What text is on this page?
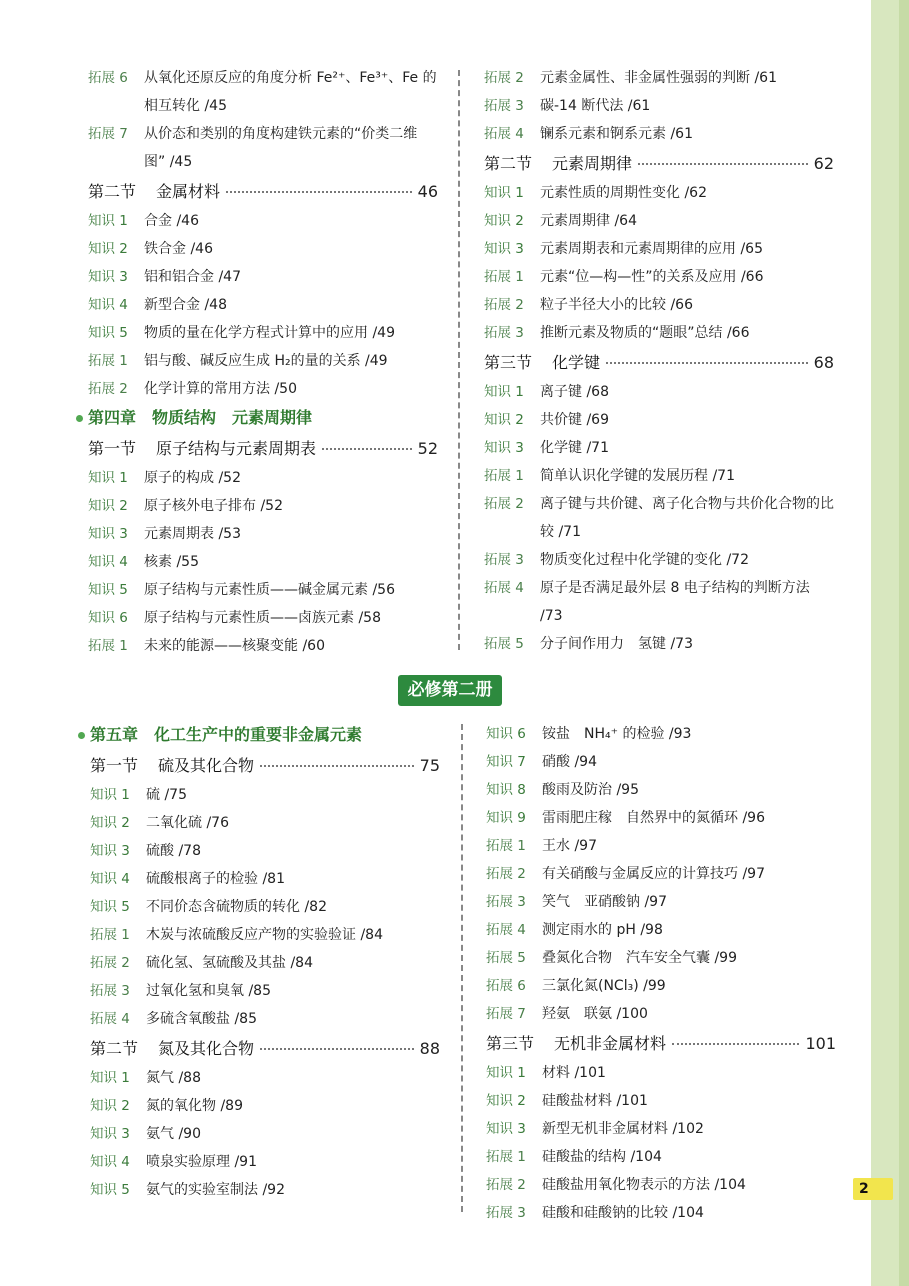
拓展 6	从氧化还原反应的角度分析 Fe²⁺、Fe³⁺、Fe 的相互转化 /45
拓展 7	从价态和类别的角度构建铁元素的“价类二维图” /45
第二节	金属材料	46
知识 1	合金 /46
知识 2	铁合金 /46
知识 3	铝和铝合金 /47
知识 4	新型合金 /48
知识 5	物质的量在化学方程式计算中的应用 /49
拓展 1	铝与酸、碱反应生成 H₂的量的关系 /49
拓展 2	化学计算的常用方法 /50
第四章 物质结构　元素周期律
第一节	原子结构与元素周期表	52
知识 1	原子的构成 /52
知识 2	原子核外电子排布 /52
知识 3	元素周期表 /53
知识 4	核素 /55
知识 5	原子结构与元素性质——碱金属元素 /56
知识 6	原子结构与元素性质——卤族元素 /58
拓展 1	未来的能源——核聚变能 /60
拓展 2	元素金属性、非金属性强弱的判断 /61
拓展 3	碳-14 断代法 /61
拓展 4	镧系元素和锕系元素 /61
第二节	元素周期律	62
知识 1	元素性质的周期性变化 /62
知识 2	元素周期律 /64
知识 3	元素周期表和元素周期律的应用 /65
拓展 1	元素“位—构—性”的关系及应用 /66
拓展 2	粒子半径大小的比较 /66
拓展 3	推断元素及物质的“题眼”总结 /66
第三节	化学键	68
知识 1	离子键 /68
知识 2	共价键 /69
知识 3	化学键 /71
拓展 1	简单认识化学键的发展历程 /71
拓展 2	离子键与共价键、离子化合物与共价化合物的比较 /71
拓展 3	物质变化过程中化学键的变化 /72
拓展 4	原子是否满足最外层 8 电子结构的判断方法 /73
拓展 5	分子间作用力　氢键 /73
必修第二册
第五章 化工生产中的重要非金属元素
第一节	硫及其化合物	75
知识 1	硫 /75
知识 2	二氧化硫 /76
知识 3	硫酸 /78
知识 4	硫酸根离子的检验 /81
知识 5	不同价态含硫物质的转化 /82
拓展 1	木炭与浓硫酸反应产物的实验验证 /84
拓展 2	硫化氢、氢硫酸及其盐 /84
拓展 3	过氧化氢和臭氧 /85
拓展 4	多硫含氧酸盐 /85
第二节	氮及其化合物	88
知识 1	氮气 /88
知识 2	氮的氧化物 /89
知识 3	氨气 /90
知识 4	喷泉实验原理 /91
知识 5	氨气的实验室制法 /92
知识 6	铵盐　NH₄⁺ 的检验 /93
知识 7	硝酸 /94
知识 8	酸雨及防治 /95
知识 9	雷雨肥庄稼　自然界中的氮循环 /96
拓展 1	王水 /97
拓展 2	有关硝酸与金属反应的计算技巧 /97
拓展 3	笑气　亚硝酸钠 /97
拓展 4	测定雨水的 pH /98
拓展 5	叠氮化合物　汽车安全气囊 /99
拓展 6	三氯化氮(NCl₃) /99
拓展 7	羟氨　联氨 /100
第三节	无机非金属材料	101
知识 1	材料 /101
知识 2	硅酸盐材料 /101
知识 3	新型无机非金属材料 /102
拓展 1	硅酸盐的结构 /104
拓展 2	硅酸盐用氧化物表示的方法 /104
拓展 3	硅酸和硅酸钠的比较 /104
2
